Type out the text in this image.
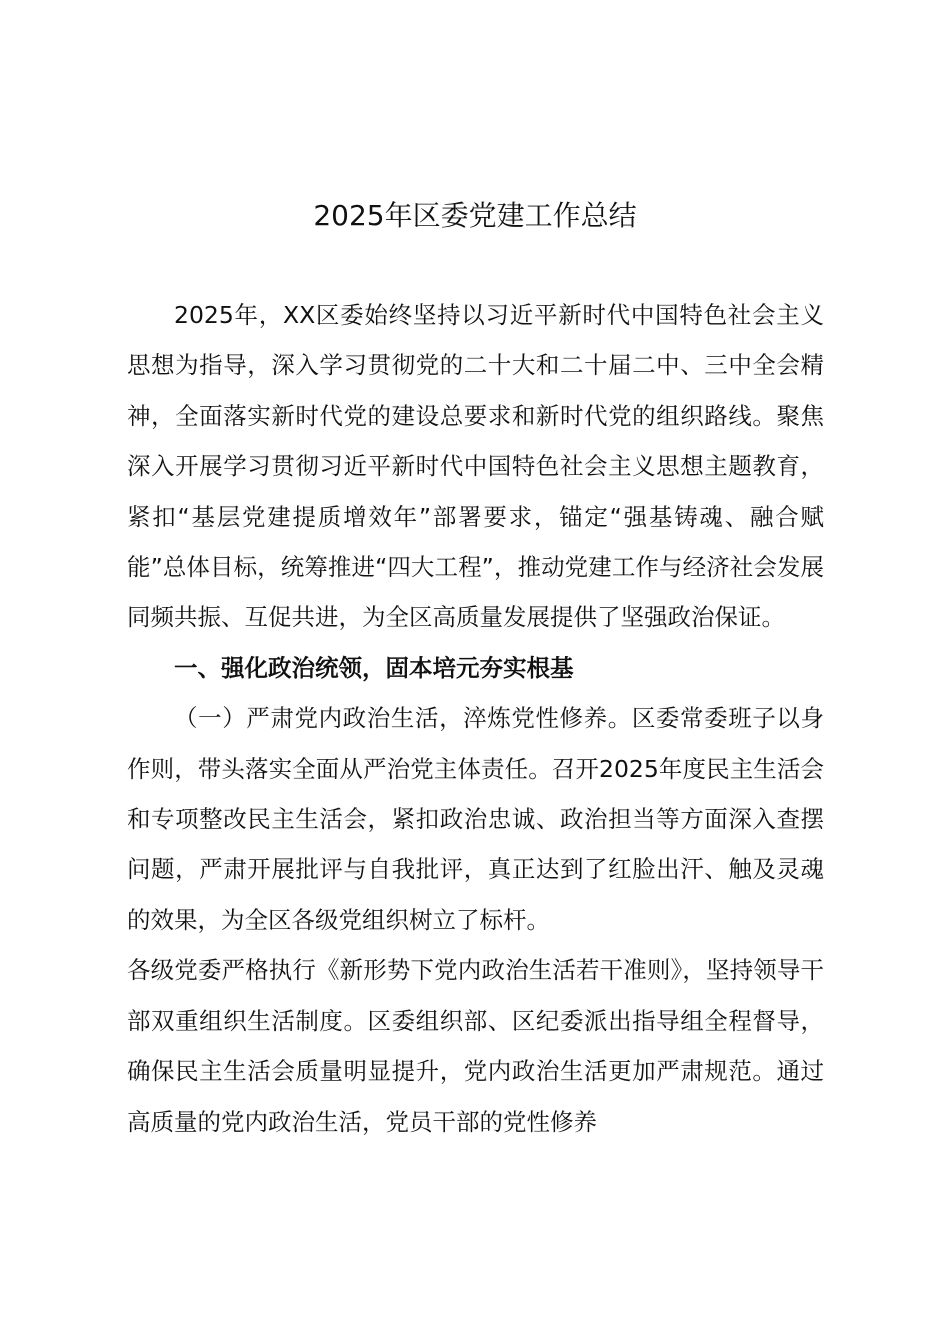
2025年区委党建工作总结

2025年，XX区委始终坚持以习近平新时代中国特色社会主义思想为指导，深入学习贯彻党的二十大和二十届二中、三中全会精神，全面落实新时代党的建设总要求和新时代党的组织路线。聚焦深入开展学习贯彻习近平新时代中国特色社会主义思想主题教育，紧扣“基层党建提质增效年”部署要求，锚定“强基铸魂、融合赋能”总体目标，统筹推进“四大工程”，推动党建工作与经济社会发展同频共振、互促共进，为全区高质量发展提供了坚强政治保证。

一、强化政治统领，固本培元夯实根基

（一）严肃党内政治生活，淬炼党性修养。区委常委班子以身作则，带头落实全面从严治党主体责任。召开2025年度民主生活会和专项整改民主生活会，紧扣政治忠诚、政治担当等方面深入查摆问题，严肃开展批评与自我批评，真正达到了红脸出汗、触及灵魂的效果，为全区各级党组织树立了标杆。

各级党委严格执行《新形势下党内政治生活若干准则》，坚持领导干部双重组织生活制度。区委组织部、区纪委派出指导组全程督导，确保民主生活会质量明显提升，党内政治生活更加严肃规范。通过高质量的党内政治生活，党员干部的党性修养
